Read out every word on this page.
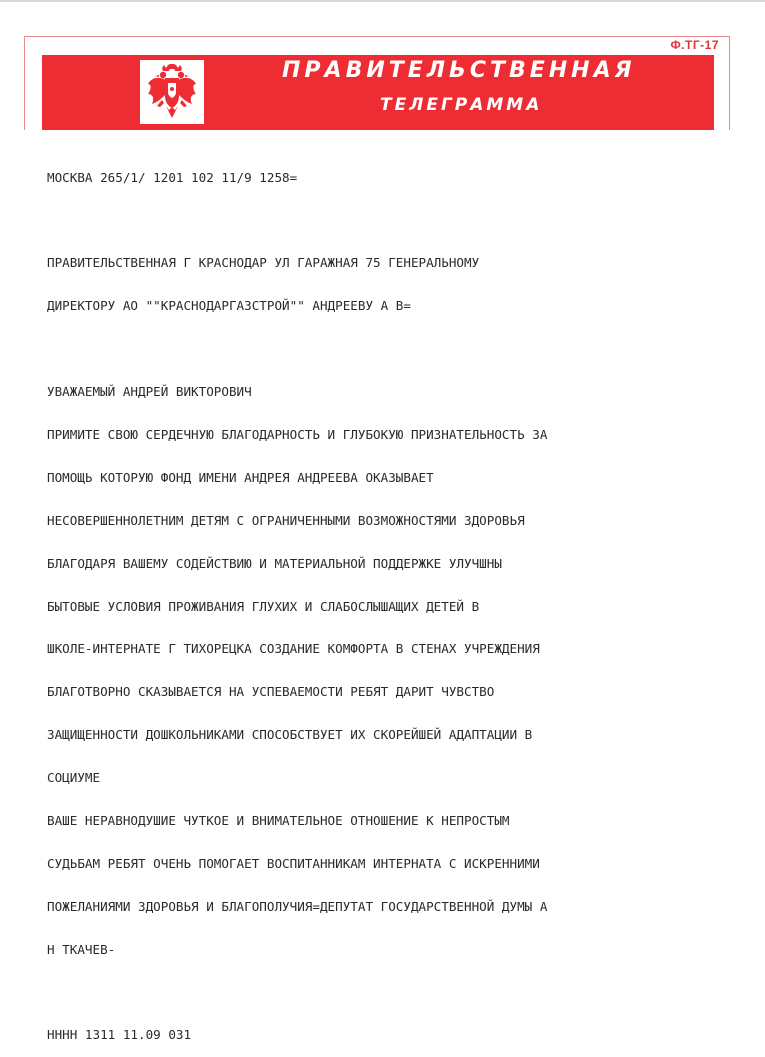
Ф.ТГ-17
ПРАВИТЕЛЬСТВЕННАЯ
ТЕЛЕГРАММА

МОСКВА 265/1/ 1201 102 11/9 1258=

ПРАВИТЕЛЬСТВЕННАЯ Г КРАСНОДАР УЛ ГАРАЖНАЯ 75 ГЕНЕРАЛЬНОМУ

ДИРЕКТОРУ АО ""КРАСНОДАРГАЗСТРОЙ"" АНДРЕЕВУ А В=

УВАЖАЕМЫЙ АНДРЕЙ ВИКТОРОВИЧ

ПРИМИТЕ СВОЮ СЕРДЕЧНУЮ БЛАГОДАРНОСТЬ И ГЛУБОКУЮ ПРИЗНАТЕЛЬНОСТЬ ЗА

ПОМОЩЬ КОТОРУЮ ФОНД ИМЕНИ АНДРЕЯ АНДРЕЕВА ОКАЗЫВАЕТ

НЕСОВЕРШЕННОЛЕТНИМ ДЕТЯМ С ОГРАНИЧЕННЫМИ ВОЗМОЖНОСТЯМИ ЗДОРОВЬЯ

БЛАГОДАРЯ ВАШЕМУ СОДЕЙСТВИЮ И МАТЕРИАЛЬНОЙ ПОДДЕРЖКЕ УЛУЧШНЫ

БЫТОВЫЕ УСЛОВИЯ ПРОЖИВАНИЯ ГЛУХИХ И СЛАБОСЛЫШАЩИХ ДЕТЕЙ В

ШКОЛЕ-ИНТЕРНАТЕ Г ТИХОРЕЦКА СОЗДАНИЕ КОМФОРТА В СТЕНАХ УЧРЕЖДЕНИЯ

БЛАГОТВОРНО СКАЗЫВАЕТСЯ НА УСПЕВАЕМОСТИ РЕБЯТ ДАРИТ ЧУВСТВО

ЗАЩИЩЕННОСТИ ДОШКОЛЬНИКАМИ СПОСОБСТВУЕТ ИХ СКОРЕЙШЕЙ АДАПТАЦИИ В

СОЦИУМЕ

ВАШЕ НЕРАВНОДУШИЕ ЧУТКОЕ И ВНИМАТЕЛЬНОЕ ОТНОШЕНИЕ К НЕПРОСТЫМ

СУДЬБАМ РЕБЯТ ОЧЕНЬ ПОМОГАЕТ ВОСПИТАННИКАМ ИНТЕРНАТА С ИСКРЕННИМИ

ПОЖЕЛАНИЯМИ ЗДОРОВЬЯ И БЛАГОПОЛУЧИЯ=ДЕПУТАТ ГОСУДАРСТВЕННОЙ ДУМЫ А

Н ТКАЧЕВ-

НННН 1311 11.09 031
